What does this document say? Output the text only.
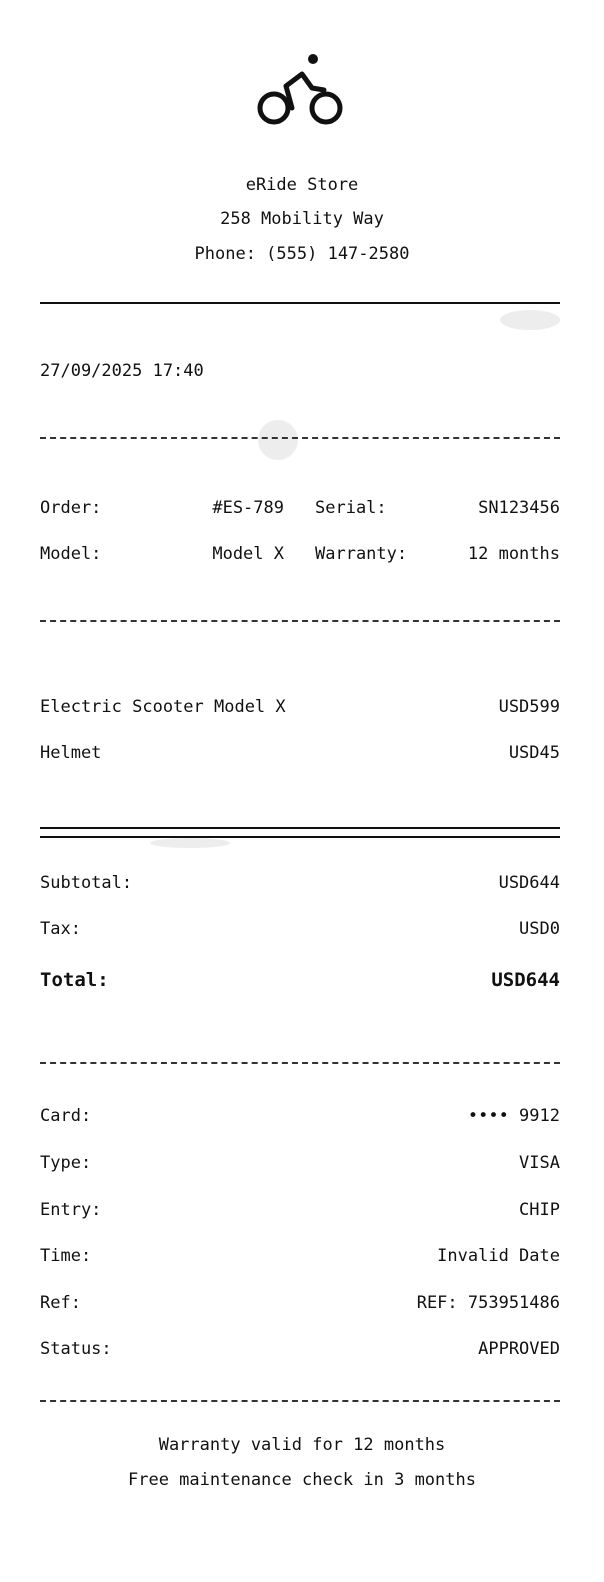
eRide Store
258 Mobility Way
Phone: (555) 147-2580
27/09/2025 17:40
Order:	#ES-789 Serial:	SN123456
Model:	Model X Warranty:	12 months
Electric Scooter Model X	USD599
Helmet	USD45
Subtotal:	USD644
Tax:	USD0
Total:	USD644
Card:	•••• 9912
Type:	VISA
Entry:	CHIP
Time:	Invalid Date
Ref:	REF: 753951486
Status:	APPROVED
Warranty valid for 12 months
Free maintenance check in 3 months
